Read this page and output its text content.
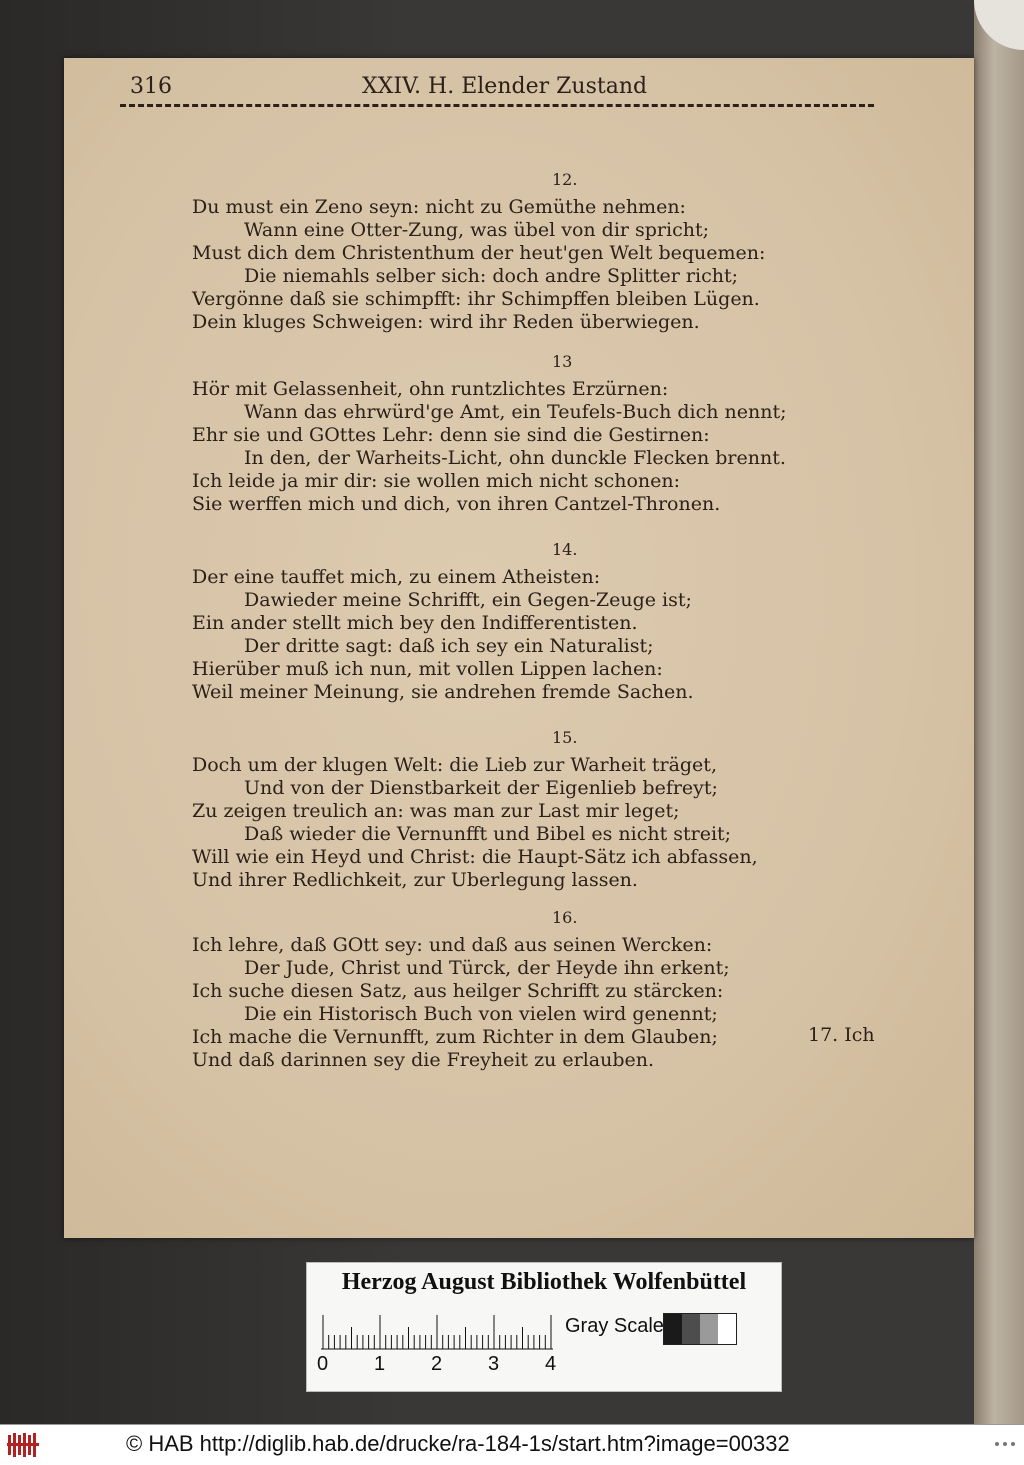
316	XXIV. H. Elender Zustand
12.
Du must ein Zeno seyn: nicht zu Gemüthe nehmen:
Wann eine Otter-Zung, was übel von dir spricht;
Must dich dem Christenthum der heut'gen Welt bequemen:
Die niemahls selber sich: doch andre Splitter richt;
Vergönne daß sie schimpfft: ihr Schimpffen bleiben Lügen.
Dein kluges Schweigen: wird ihr Reden überwiegen.
13
Hör mit Gelassenheit, ohn runtzlichtes Erzürnen:
Wann das ehrwürd'ge Amt, ein Teufels-Buch dich nennt;
Ehr sie und GOttes Lehr: denn sie sind die Gestirnen:
In den, der Warheits-Licht, ohn dunckle Flecken brennt.
Ich leide ja mir dir: sie wollen mich nicht schonen:
Sie werffen mich und dich, von ihren Cantzel-Thronen.
14.
Der eine tauffet mich, zu einem Atheisten:
Dawieder meine Schrifft, ein Gegen-Zeuge ist;
Ein ander stellt mich bey den Indifferentisten.
Der dritte sagt: daß ich sey ein Naturalist;
Hierüber muß ich nun, mit vollen Lippen lachen:
Weil meiner Meinung, sie andrehen fremde Sachen.
15.
Doch um der klugen Welt: die Lieb zur Warheit träget,
Und von der Dienstbarkeit der Eigenlieb befreyt;
Zu zeigen treulich an: was man zur Last mir leget;
Daß wieder die Vernunfft und Bibel es nicht streit;
Will wie ein Heyd und Christ: die Haupt-Sätz ich abfassen,
Und ihrer Redlichkeit, zur Uberlegung lassen.
16.
Ich lehre, daß GOtt sey: und daß aus seinen Wercken:
Der Jude, Christ und Türck, der Heyde ihn erkent;
Ich suche diesen Satz, aus heilger Schrifft zu stärcken:
Die ein Historisch Buch von vielen wird genennt;
Ich mache die Vernunfft, zum Richter in dem Glauben;
Und daß darinnen sey die Freyheit zu erlauben.
17. Ich
Herzog August Bibliothek Wolfenbüttel
Gray Scale
0 1 2 3 4
© HAB http://diglib.hab.de/drucke/ra-184-1s/start.htm?image=00332
